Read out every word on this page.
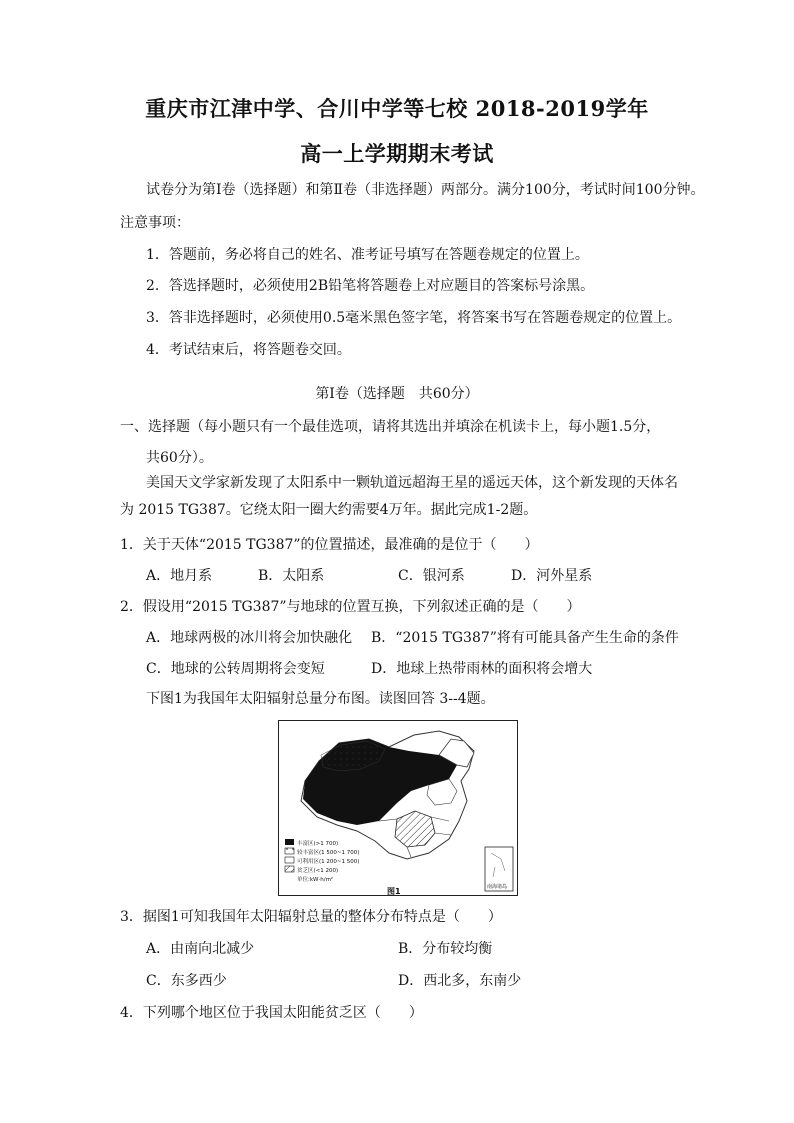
重庆市江津中学、合川中学等七校 2018-2019学年
高一上学期期末考试
试卷分为第Ⅰ卷（选择题）和第Ⅱ卷（非选择题）两部分。满分100分，考试时间100分钟。
注意事项：
1．答题前，务必将自己的姓名、准考证号填写在答题卷规定的位置上。
2．答选择题时，必须使用2B铅笔将答题卷上对应题目的答案标号涂黑。
3．答非选择题时，必须使用0.5毫米黑色签字笔，将答案书写在答题卷规定的位置上。
4．考试结束后，将答题卷交回。
第Ⅰ卷（选择题　共60分）
一、选择题（每小题只有一个最佳选项，请将其选出并填涂在机读卡上，每小题1.5分，
共60分）。
美国天文学家新发现了太阳系中一颗轨道远超海王星的遥远天体，这个新发现的天体名
为 2015 TG387。它绕太阳一圈大约需要4万年。据此完成1-2题。
1．关于天体“2015 TG387”的位置描述，最准确的是位于（　　）
A．地月系	B．太阳系	C．银河系	D．河外星系
2．假设用“2015 TG387”与地球的位置互换，下列叙述正确的是（　　）
A．地球两极的冰川将会加快融化 B．“2015 TG387”将有可能具备产生生命的条件
C．地球的公转周期将会变短	D．地球上热带雨林的面积将会增大
下图1为我国年太阳辐射总量分布图。读图回答 3--4题。
丰富区(>1 700)
较丰富区(1 500~1 700)
可利用区(1 200~1 500)
贫乏区(<1 200)
单位:kW·h/m²
南海诸岛
图1
3．据图1可知我国年太阳辐射总量的整体分布特点是（　　）
A．由南向北减少	B．分布较均衡
C．东多西少	D．西北多，东南少
4．下列哪个地区位于我国太阳能贫乏区（　　）
